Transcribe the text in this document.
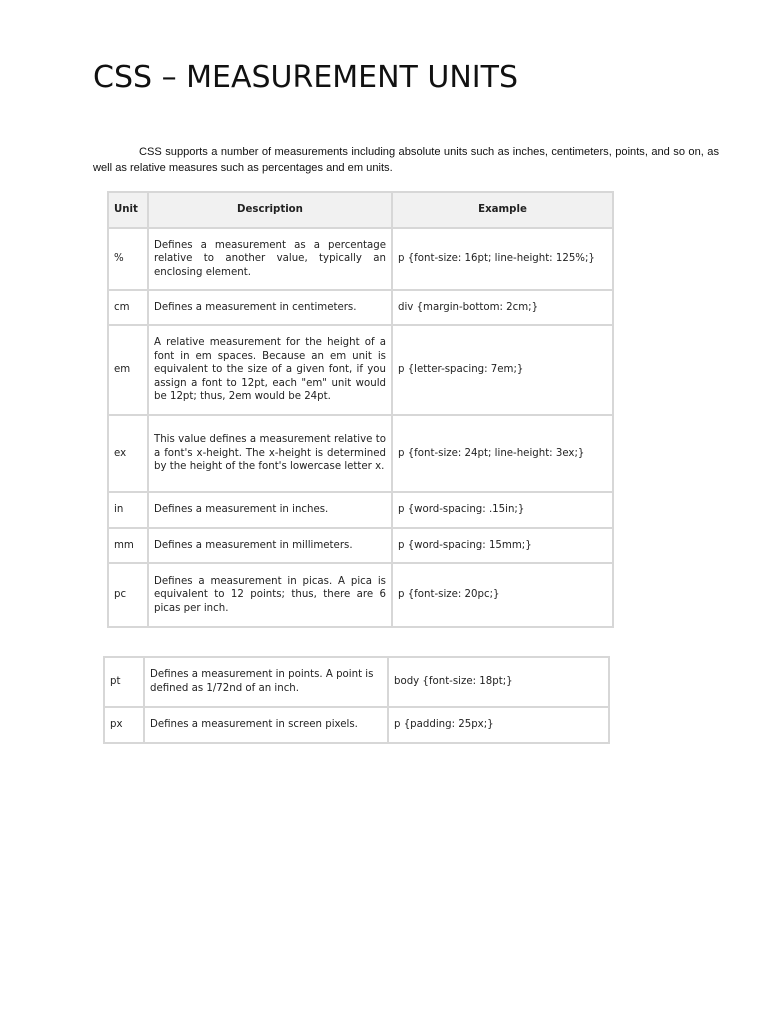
CSS – MEASUREMENT UNITS

CSS supports a number of measurements including absolute units such as inches, centimeters, points, and so on, as well as relative measures such as percentages and em units.

Unit	Description	Example
%	Defines a measurement as a percentage relative to another value, typically an enclosing element.	p {font-size: 16pt; line-height: 125%;}
cm	Defines a measurement in centimeters.	div {margin-bottom: 2cm;}
em	A relative measurement for the height of a font in em spaces. Because an em unit is equivalent to the size of a given font, if you assign a font to 12pt, each "em" unit would be 12pt; thus, 2em would be 24pt.	p {letter-spacing: 7em;}
ex	This value defines a measurement relative to a font's x-height. The x-height is determined by the height of the font's lowercase letter x.	p {font-size: 24pt; line-height: 3ex;}
in	Defines a measurement in inches.	p {word-spacing: .15in;}
mm	Defines a measurement in millimeters.	p {word-spacing: 15mm;}
pc	Defines a measurement in picas. A pica is equivalent to 12 points; thus, there are 6 picas per inch.	p {font-size: 20pc;}
pt	Defines a measurement in points. A point is defined as 1/72nd of an inch.	body {font-size: 18pt;}
px	Defines a measurement in screen pixels.	p {padding: 25px;}
